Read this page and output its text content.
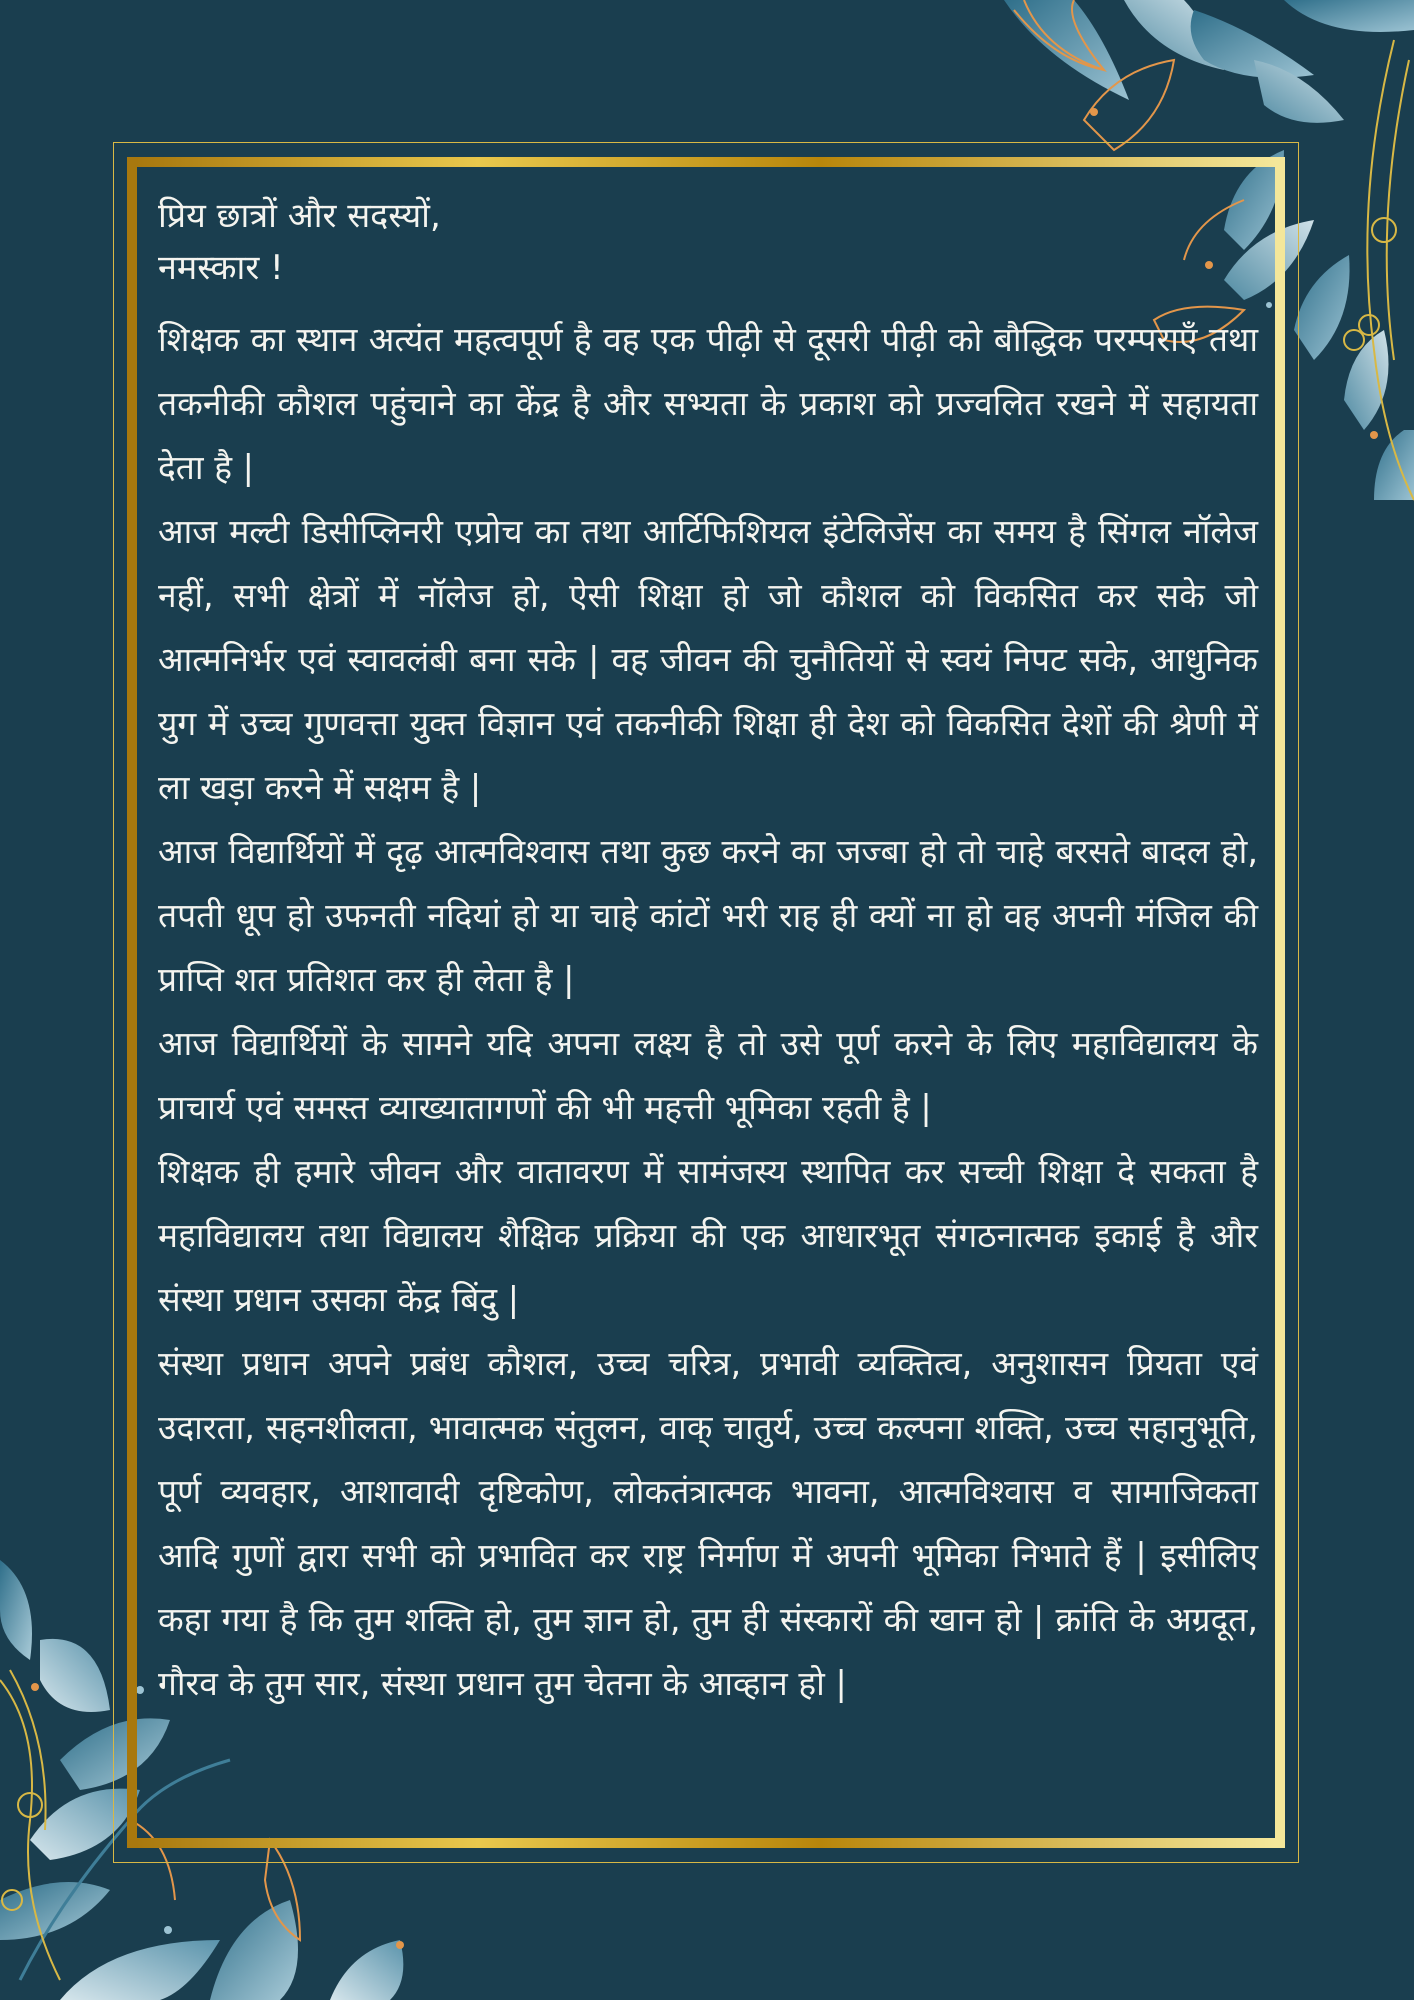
प्रिय छात्रों और सदस्यों,
नमस्कार !

शिक्षक का स्थान अत्यंत महत्वपूर्ण है वह एक पीढ़ी से दूसरी पीढ़ी को बौद्धिक परम्पराएँ तथा तकनीकी कौशल पहुंचाने का केंद्र है और सभ्यता के प्रकाश को प्रज्वलित रखने में सहायता देता है |

आज मल्टी डिसीप्लिनरी एप्रोच का तथा आर्टिफिशियल इंटेलिजेंस का समय है सिंगल नॉलेज नहीं, सभी क्षेत्रों में नॉलेज हो, ऐसी शिक्षा हो जो कौशल को विकसित कर सके जो आत्मनिर्भर एवं स्वावलंबी बना सके | वह जीवन की चुनौतियों से स्वयं निपट सके, आधुनिक युग में उच्च गुणवत्ता युक्त विज्ञान एवं तकनीकी शिक्षा ही देश को विकसित देशों की श्रेणी में ला खड़ा करने में सक्षम है |

आज विद्यार्थियों में दृढ़ आत्मविश्वास तथा कुछ करने का जज्बा हो तो चाहे बरसते बादल हो, तपती धूप हो उफनती नदियां हो या चाहे कांटों भरी राह ही क्यों ना हो वह अपनी मंजिल की प्राप्ति शत प्रतिशत कर ही लेता है |

आज विद्यार्थियों के सामने यदि अपना लक्ष्य है तो उसे पूर्ण करने के लिए महाविद्यालय के प्राचार्य एवं समस्त व्याख्यातागणों की भी महत्ती भूमिका रहती है |

शिक्षक ही हमारे जीवन और वातावरण में सामंजस्य स्थापित कर सच्ची शिक्षा दे सकता है महाविद्यालय तथा विद्यालय शैक्षिक प्रक्रिया की एक आधारभूत संगठनात्मक इकाई है और संस्था प्रधान उसका केंद्र बिंदु |

संस्था प्रधान अपने प्रबंध कौशल, उच्च चरित्र, प्रभावी व्यक्तित्व, अनुशासन प्रियता एवं उदारता, सहनशीलता, भावात्मक संतुलन, वाक् चातुर्य, उच्च कल्पना शक्ति, उच्च सहानुभूति, पूर्ण व्यवहार, आशावादी दृष्टिकोण, लोकतंत्रात्मक भावना, आत्मविश्वास व सामाजिकता आदि गुणों द्वारा सभी को प्रभावित कर राष्ट्र निर्माण में अपनी भूमिका निभाते हैं | इसीलिए कहा गया है कि तुम शक्ति हो, तुम ज्ञान हो, तुम ही संस्कारों की खान हो | क्रांति के अग्रदूत, गौरव के तुम सार, संस्था प्रधान तुम चेतना के आव्हान हो |
